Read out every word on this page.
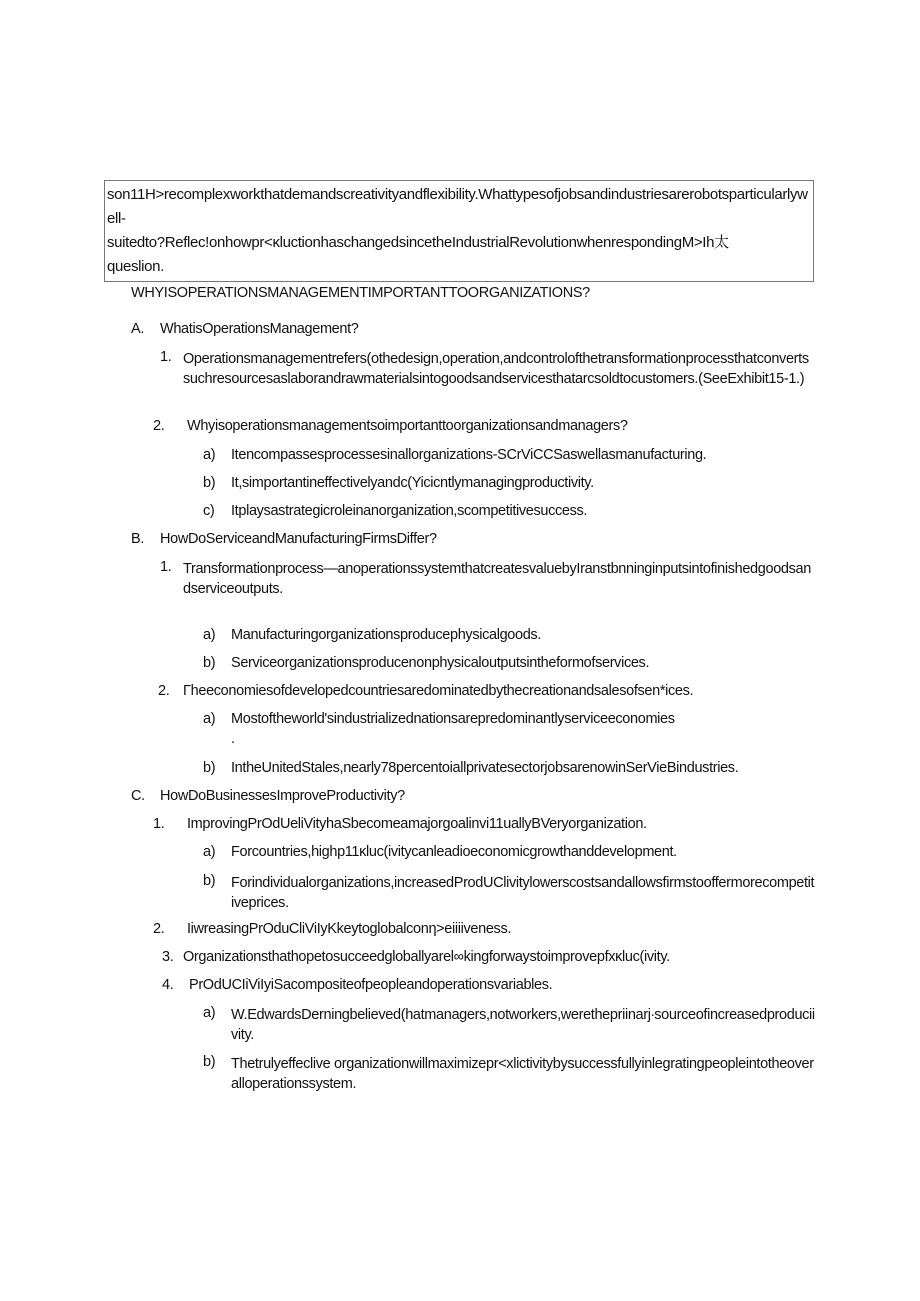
son11H>recomplexworkthatdemandscreativityandflexibility.Whattypesofjobsandindustriesarerobotsparticularlywell-
suitedto?Reflec!onhowpr<κluctionhaschangedsincetheIndustrialRevolutionwhenrespondingM>Ih太
queslion.
WHYISOPERATIONSMANAGEMENTIMPORTANTTOORGANIZATIONS?
A. WhatisOperationsManagement?
1. Operationsmanagementrefers(othedesign,operation,andcontrolofthetransformationprocessthatconvertssuchresourcesaslaborandrawmaterialsintogoodsandservicesthatarcsoldtocustomers.(SeeExhibit15-1.)
2. Whyisoperationsmanagementsoimportanttoorganizationsandmanagers?
a) Itencompassesprocessesinallorganizations-SCrViCCSaswellasmanufacturing.
b) It,simportantineffectivelyandc(Yicicntlymanagingproductivity.
c) Itplaysastrategicroleinanorganization,scompetitivesuccess.
B. HowDoServiceandManufacturingFirmsDiffer?
1. Transformationprocess—anoperationssystemthatcreatesvaluebyIranstbnninginputsintofinishedgoodsandserviceoutputs.
a) Manufacturingorganizationsproducephysicalgoods.
b) Serviceorganizationsproducenonphysicaloutputsintheformofservices.
2. Γheeconomiesofdevelopedcountriesaredominatedbythecreationandsalesofsen*ices.
a) Mostoftheworld'sindustrializednationsarepredominantlyserviceeconomies
.
b) IntheUnitedStales,nearly78percentoiallprivatesectorjobsarenowinSerVieBindustries.
C. HowDoBusinessesImproveProductivity?
1. ImprovingPrOdUeliVityhaSbecomeamajorgoalinvi11uallyBVeryorganization.
a) Forcountries,highp11κluc(ivitycanleadioeconomicgrowthanddevelopment.
b) Forindividualorganizations,increasedProdUClivitylowerscostsandallowsfirmstooffermorecompetitiveprices.
2. IiwreasingPrOduCliViIyKkeytoglobalconη>eiiiiveness.
3. Organizationsthathopetosucceedgloballyarel∞kingforwaystoimprovepfxκluc(ivity.
4. PrOdUCIiViIyiSacompositeofpeopleandoperationsvariables.
a) W.EdwardsDerningbelieved(hatmanagers,notworkers,werethepriinarj∙sourceofincreasedproduciivity.
b) Thetrulyeffeclive organizationwillmaximizepr<xlictivitybysuccessfullyinlegratingpeopleintotheoveralloperationssystem.
